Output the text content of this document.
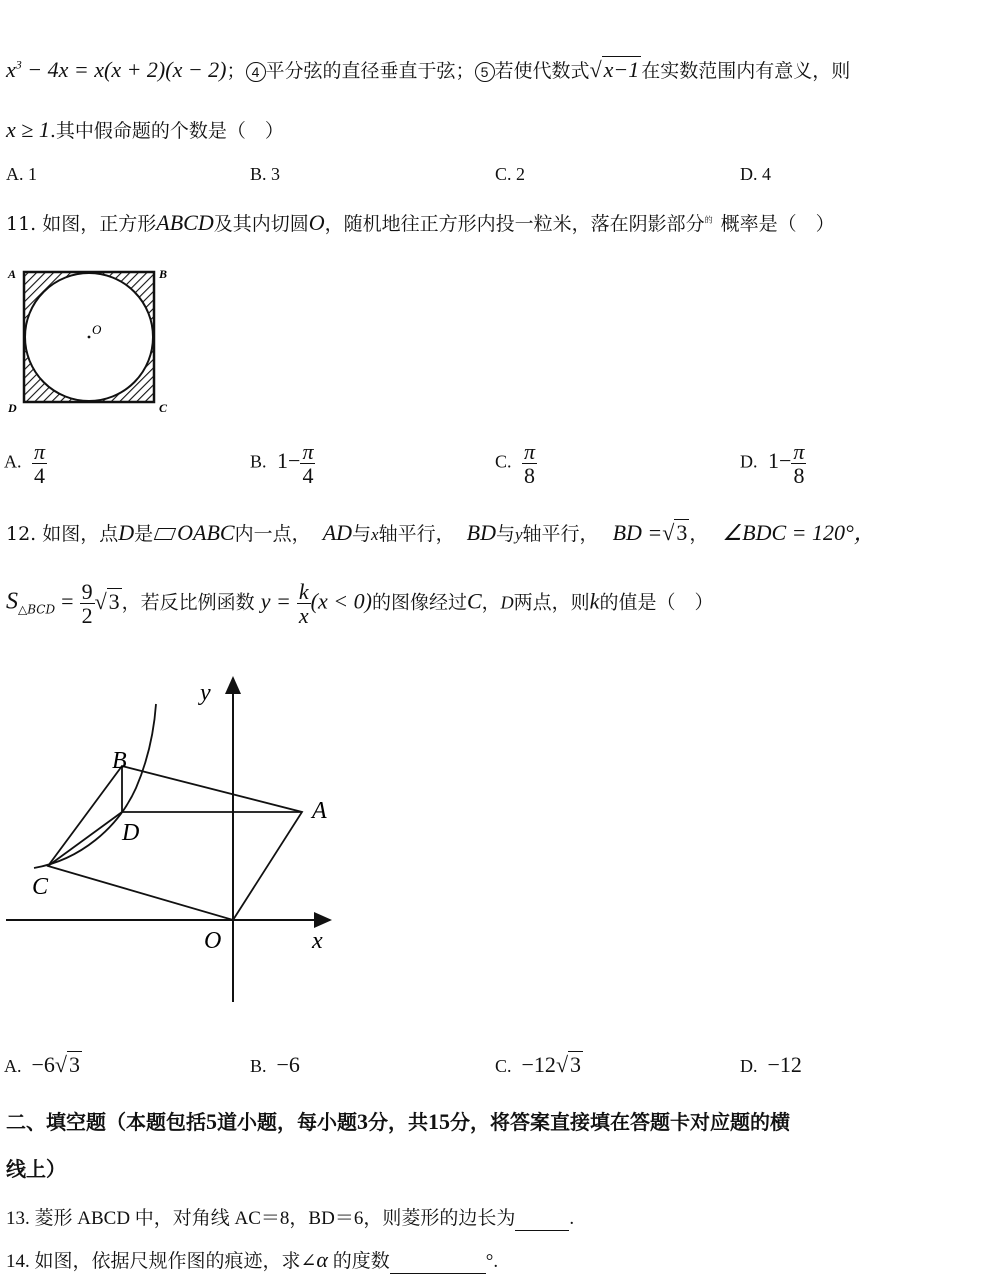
$x^3 - 4x = x(x + 2)(x - 2)$； 4 平分弦的直径垂直于弦； 5 若使代数式√x−1 在实数范围内有意义，则
x ≥ 1.其中假命题的个数是（　）
A. 1	B. 3	C. 2	D. 4
11. 如图，正方形ABCD及其内切圆O，随机地往正方形内投一粒米，落在阴影部分$^的$ 概率是（　）
O
A	B
D	C
A. $\frac{\pi}{4}$	B. $1- \frac{\pi}{4}$	C. $\frac{\pi}{8}$	D. $1- \frac{\pi}{8}$
12. 如图，点D是 OABC内一点， AD与x轴平行， BD与y轴平行， BD =√3 ， ∠BDC = 120°，
$S_{\triangle BCD} = \frac{9}{2} √3$ ，若反比例函数 $y = \frac{k}{x} (x < 0)$的图像经过C，D两点，则k的值是（　）
y
B
A
D
C
O	x
A. −6√3	B. −6	C. −12√3	D. −12
二、填空题（本题包括5道小题，每小题3分，共15分，将答案直接填在答题卡对应题的横
线上）
13. 菱形 ABCD 中，对角线 AC＝8，BD＝6，则菱形的边长为	.
14. 如图，依据尺规作图的痕迹，求∠α 的度数	°.
